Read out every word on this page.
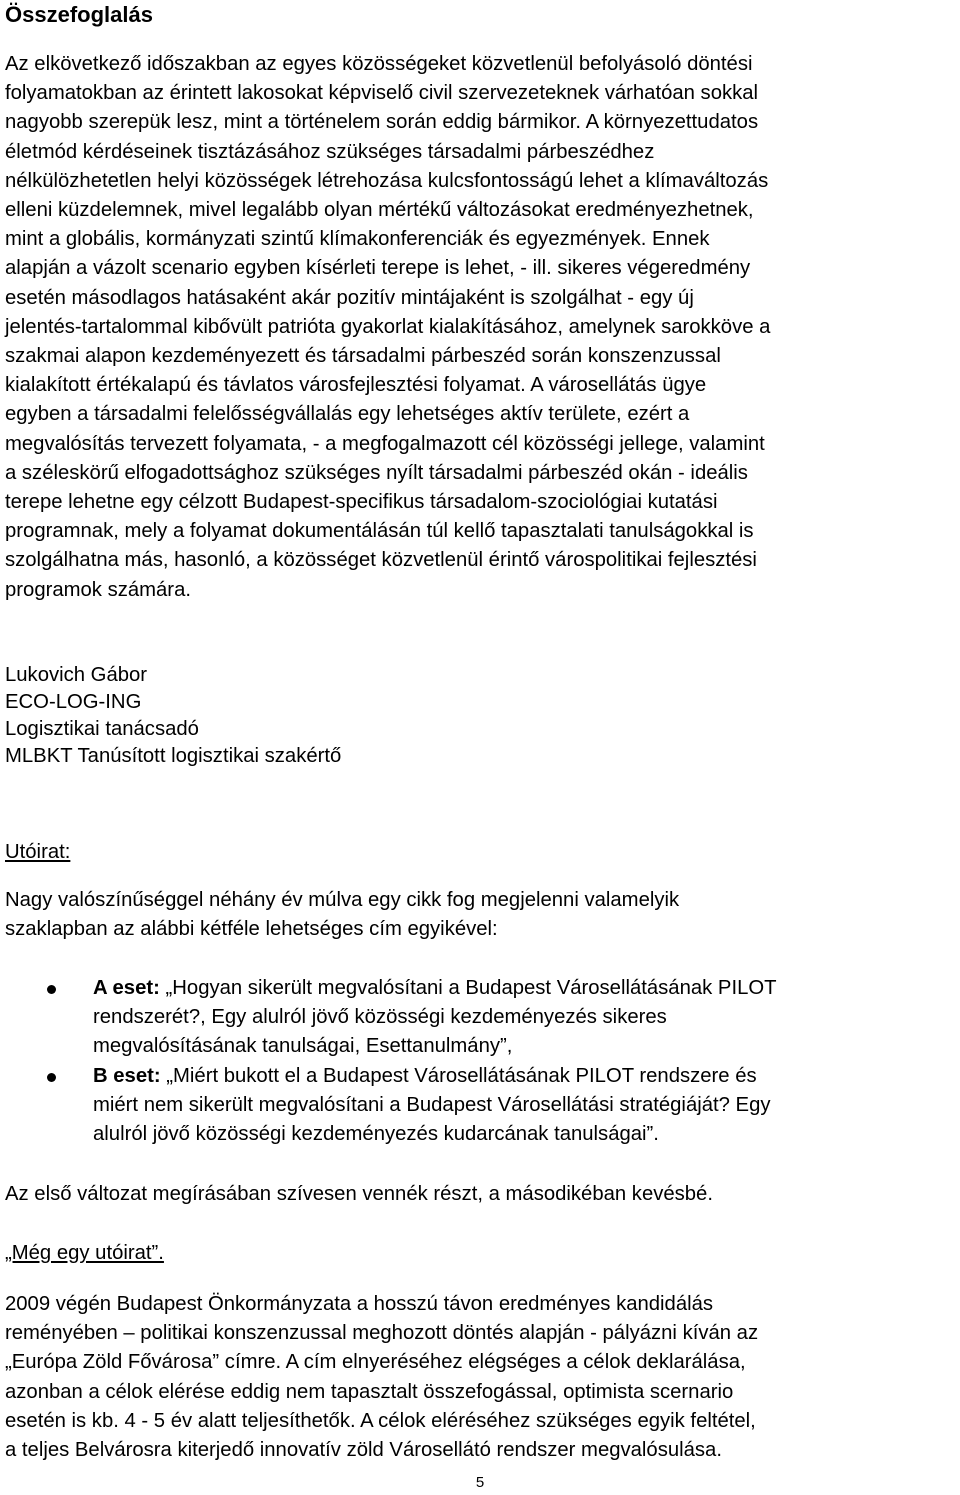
Összefoglalás

Az elkövetkező időszakban az egyes közösségeket közvetlenül befolyásoló döntési
folyamatokban az érintett lakosokat képviselő civil szervezeteknek várhatóan sokkal
nagyobb szerepük lesz, mint a történelem során eddig bármikor. A környezettudatos
életmód kérdéseinek tisztázásához szükséges társadalmi párbeszédhez
nélkülözhetetlen helyi közösségek létrehozása kulcsfontosságú lehet a klímaváltozás
elleni küzdelemnek, mivel legalább olyan mértékű változásokat eredményezhetnek,
mint a globális, kormányzati szintű klímakonferenciák és egyezmények. Ennek
alapján a vázolt scenario egyben kísérleti terepe is lehet, - ill. sikeres végeredmény
esetén másodlagos hatásaként akár pozitív mintájaként is szolgálhat - egy új
jelentés-tartalommal kibővült patrióta gyakorlat kialakításához, amelynek sarokköve a
szakmai alapon kezdeményezett és társadalmi párbeszéd során konszenzussal
kialakított értékalapú és távlatos városfejlesztési folyamat. A városellátás ügye
egyben a társadalmi felelősségvállalás egy lehetséges aktív területe, ezért a
megvalósítás tervezett folyamata, - a megfogalmazott cél közösségi jellege, valamint
a széleskörű elfogadottsághoz szükséges nyílt társadalmi párbeszéd okán - ideális
terepe lehetne egy célzott Budapest-specifikus társadalom-szociológiai kutatási
programnak, mely a folyamat dokumentálásán túl kellő tapasztalati tanulságokkal is
szolgálhatna más, hasonló, a közösséget közvetlenül érintő várospolitikai fejlesztési
programok számára.

Lukovich Gábor
ECO-LOG-ING
Logisztikai tanácsadó
MLBKT Tanúsított logisztikai szakértő

Utóirat:

Nagy valószínűséggel néhány év múlva egy cikk fog megjelenni valamelyik
szaklapban az alábbi kétféle lehetséges cím egyikével:

A eset: „Hogyan sikerült megvalósítani a Budapest Városellátásának PILOT
rendszerét?, Egy alulról jövő közösségi kezdeményezés sikeres
megvalósításának tanulságai, Esettanulmány”,
B eset: „Miért bukott el a Budapest Városellátásának PILOT rendszere és
miért nem sikerült megvalósítani a Budapest Városellátási stratégiáját? Egy
alulról jövő közösségi kezdeményezés kudarcának tanulságai”.

Az első változat megírásában szívesen vennék részt, a másodikéban kevésbé.

„Még egy utóirat”.

2009 végén Budapest Önkormányzata a hosszú távon eredményes kandidálás
reményében – politikai konszenzussal meghozott döntés alapján - pályázni kíván az
„Európa Zöld Fővárosa” címre. A cím elnyeréséhez elégséges a célok deklarálása,
azonban a célok elérése eddig nem tapasztalt összefogással, optimista scernario
esetén is kb. 4 - 5 év alatt teljesíthetők. A célok eléréséhez szükséges egyik feltétel,
a teljes Belvárosra kiterjedő innovatív zöld Városellátó rendszer megvalósulása.

5
